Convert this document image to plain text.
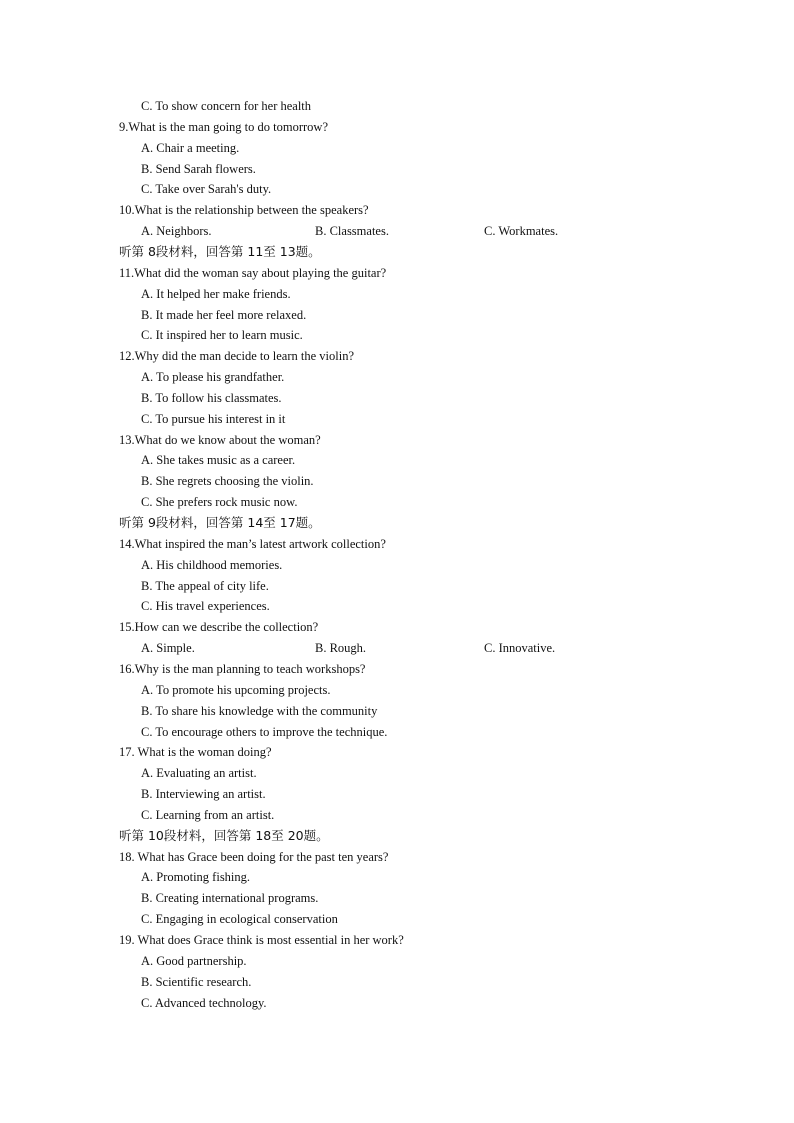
C. To show concern for her health
9.What is the man going to do tomorrow?
A. Chair a meeting.
B. Send Sarah flowers.
C. Take over Sarah's duty.
10.What is the relationship between the speakers?
A. Neighbors.	B. Classmates.	C. Workmates.
听第 8段材料，回答第 11至 13题。
11.What did the woman say about playing the guitar?
A. It helped her make friends.
B. It made her feel more relaxed.
C. It inspired her to learn music.
12.Why did the man decide to learn the violin?
A. To please his grandfather.
B. To follow his classmates.
C. To pursue his interest in it
13.What do we know about the woman?
A. She takes music as a career.
B. She regrets choosing the violin.
C. She prefers rock music now.
听第 9段材料，回答第 14至 17题。
14.What inspired the man’s latest artwork collection?
A. His childhood memories.
B. The appeal of city life.
C. His travel experiences.
15.How can we describe the collection?
A. Simple.	B. Rough.	C. Innovative.
16.Why is the man planning to teach workshops?
A. To promote his upcoming projects.
B. To share his knowledge with the community
C. To encourage others to improve the technique.
17. What is the woman doing?
A. Evaluating an artist.
B. Interviewing an artist.
C. Learning from an artist.
听第 10段材料，回答第 18至 20题。
18. What has Grace been doing for the past ten years?
A. Promoting fishing.
B. Creating international programs.
C. Engaging in ecological conservation
19. What does Grace think is most essential in her work?
A. Good partnership.
B. Scientific research.
C. Advanced technology.
